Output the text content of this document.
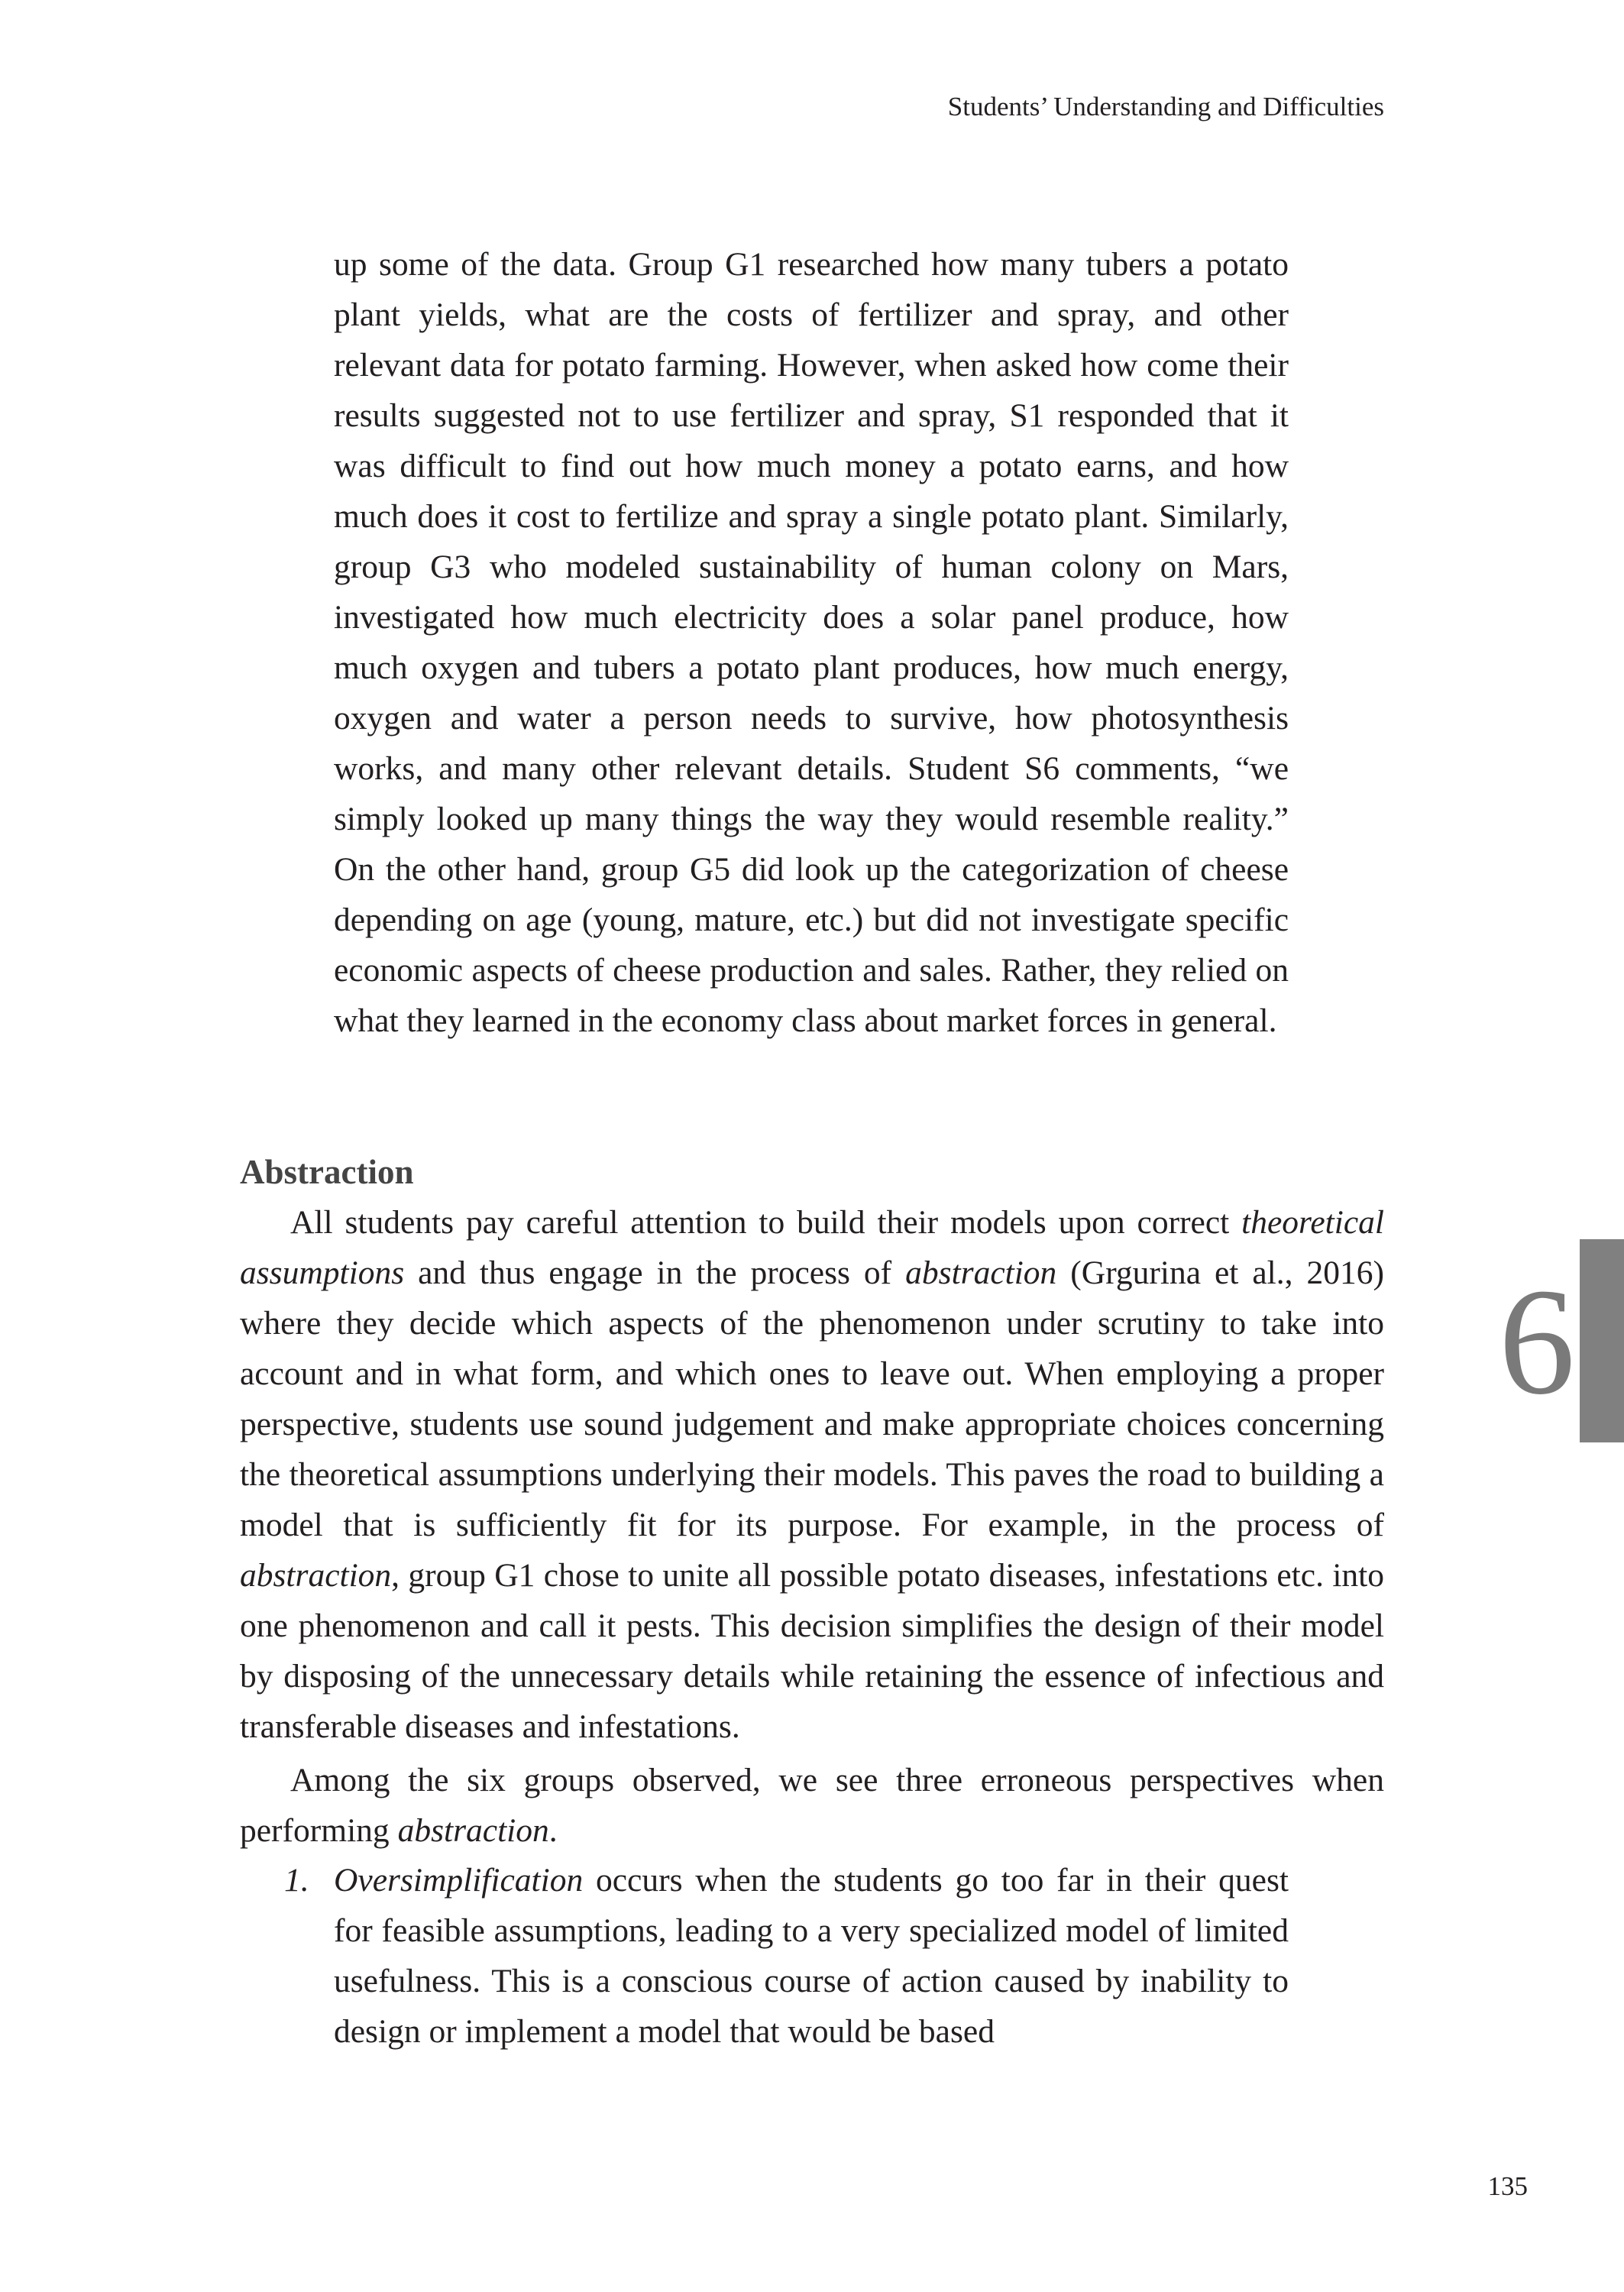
Students’ Understanding and Difficulties

up some of the data. Group G1 researched how many tubers a potato plant yields, what are the costs of fertilizer and spray, and other relevant data for potato farming. However, when asked how come their results suggested not to use fertilizer and spray, S1 responded that it was difficult to find out how much money a potato earns, and how much does it cost to fertilize and spray a single potato plant. Similarly, group G3 who modeled sustainability of human colony on Mars, investigated how much electricity does a solar panel produce, how much oxygen and tubers a potato plant produces, how much energy, oxygen and water a person needs to survive, how photosynthesis works, and many other relevant details. Student S6 comments, “we simply looked up many things the way they would resemble reality.” On the other hand, group G5 did look up the categorization of cheese depending on age (young, mature, etc.) but did not investigate specific economic aspects of cheese production and sales. Rather, they relied on what they learned in the economy class about market forces in general.

Abstraction

All students pay careful attention to build their models upon correct theoretical assumptions and thus engage in the process of abstraction (Grgurina et al., 2016) where they decide which aspects of the phenomenon under scrutiny to take into account and in what form, and which ones to leave out. When employing a proper perspective, students use sound judgement and make appropriate choices concerning the theoretical assumptions underlying their models. This paves the road to building a model that is sufficiently fit for its purpose. For example, in the process of abstraction, group G1 chose to unite all possible potato diseases, infestations etc. into one phenomenon and call it pests. This decision simplifies the design of their model by disposing of the unnecessary details while retaining the essence of infectious and transferable diseases and infestations.

Among the six groups observed, we see three erroneous perspectives when performing abstraction.

1. Oversimplification occurs when the students go too far in their quest for feasible assumptions, leading to a very specialized model of limited usefulness. This is a conscious course of action caused by inability to design or implement a model that would be based
6
135
